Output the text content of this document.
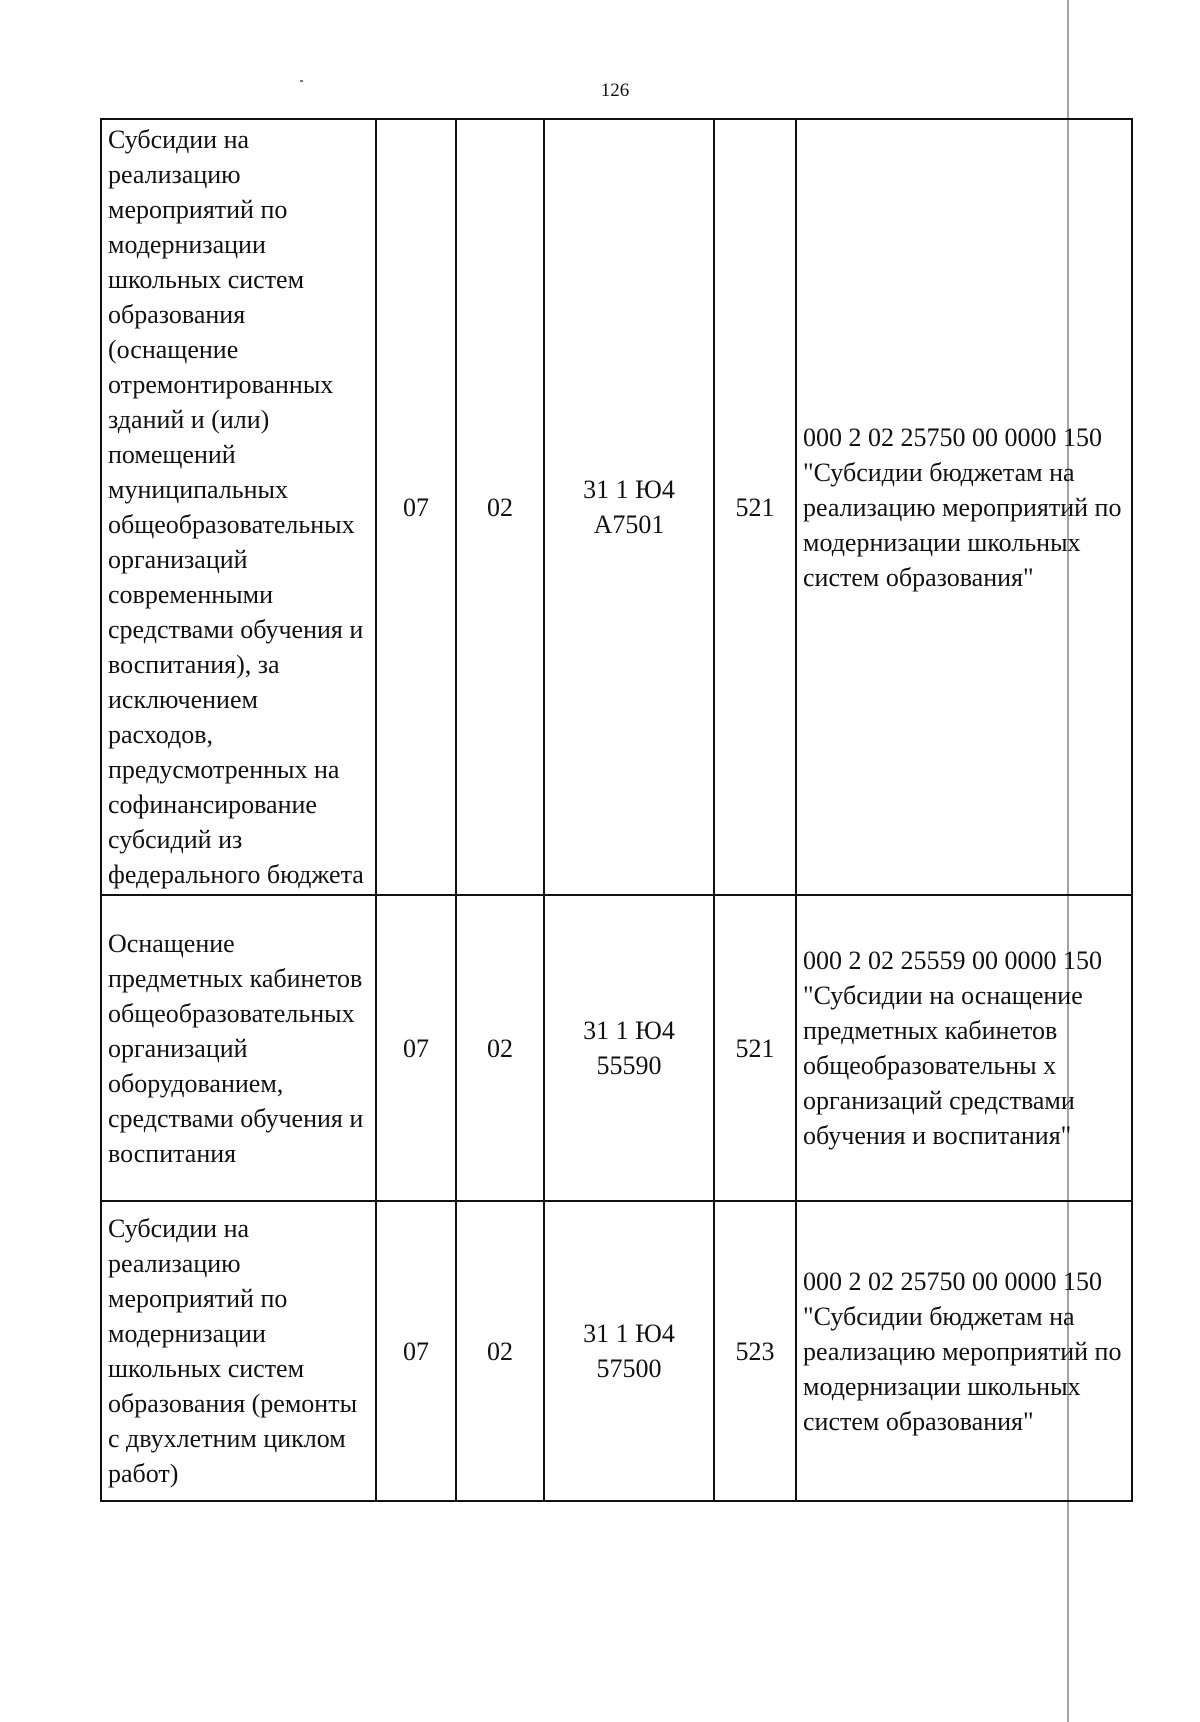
126
Субсидии на реализацию мероприятий по модернизации школьных систем образования (оснащение отремонтированных зданий и (или) помещений муниципальных общеобразовательных организаций современными средствами обучения и воспитания), за исключением расходов, предусмотренных на софинансирование субсидий из федерального бюджета	07	02	31 1 Ю4 А7501	521	000 2 02 25750 00 0000 150 "Субсидии бюджетам на реализацию мероприятий по модернизации школьных систем образования"
Оснащение предметных кабинетов общеобразовательных организаций оборудованием, средствами обучения и воспитания	07	02	31 1 Ю4 55590	521	000 2 02 25559 00 0000 150 "Субсидии на оснащение предметных кабинетов общеобразовательны х организаций средствами обучения и воспитания"
Субсидии на реализацию мероприятий по модернизации школьных систем образования (ремонты с двухлетним циклом работ)	07	02	31 1 Ю4 57500	523	000 2 02 25750 00 0000 150 "Субсидии бюджетам на реализацию мероприятий по модернизации школьных систем образования"
